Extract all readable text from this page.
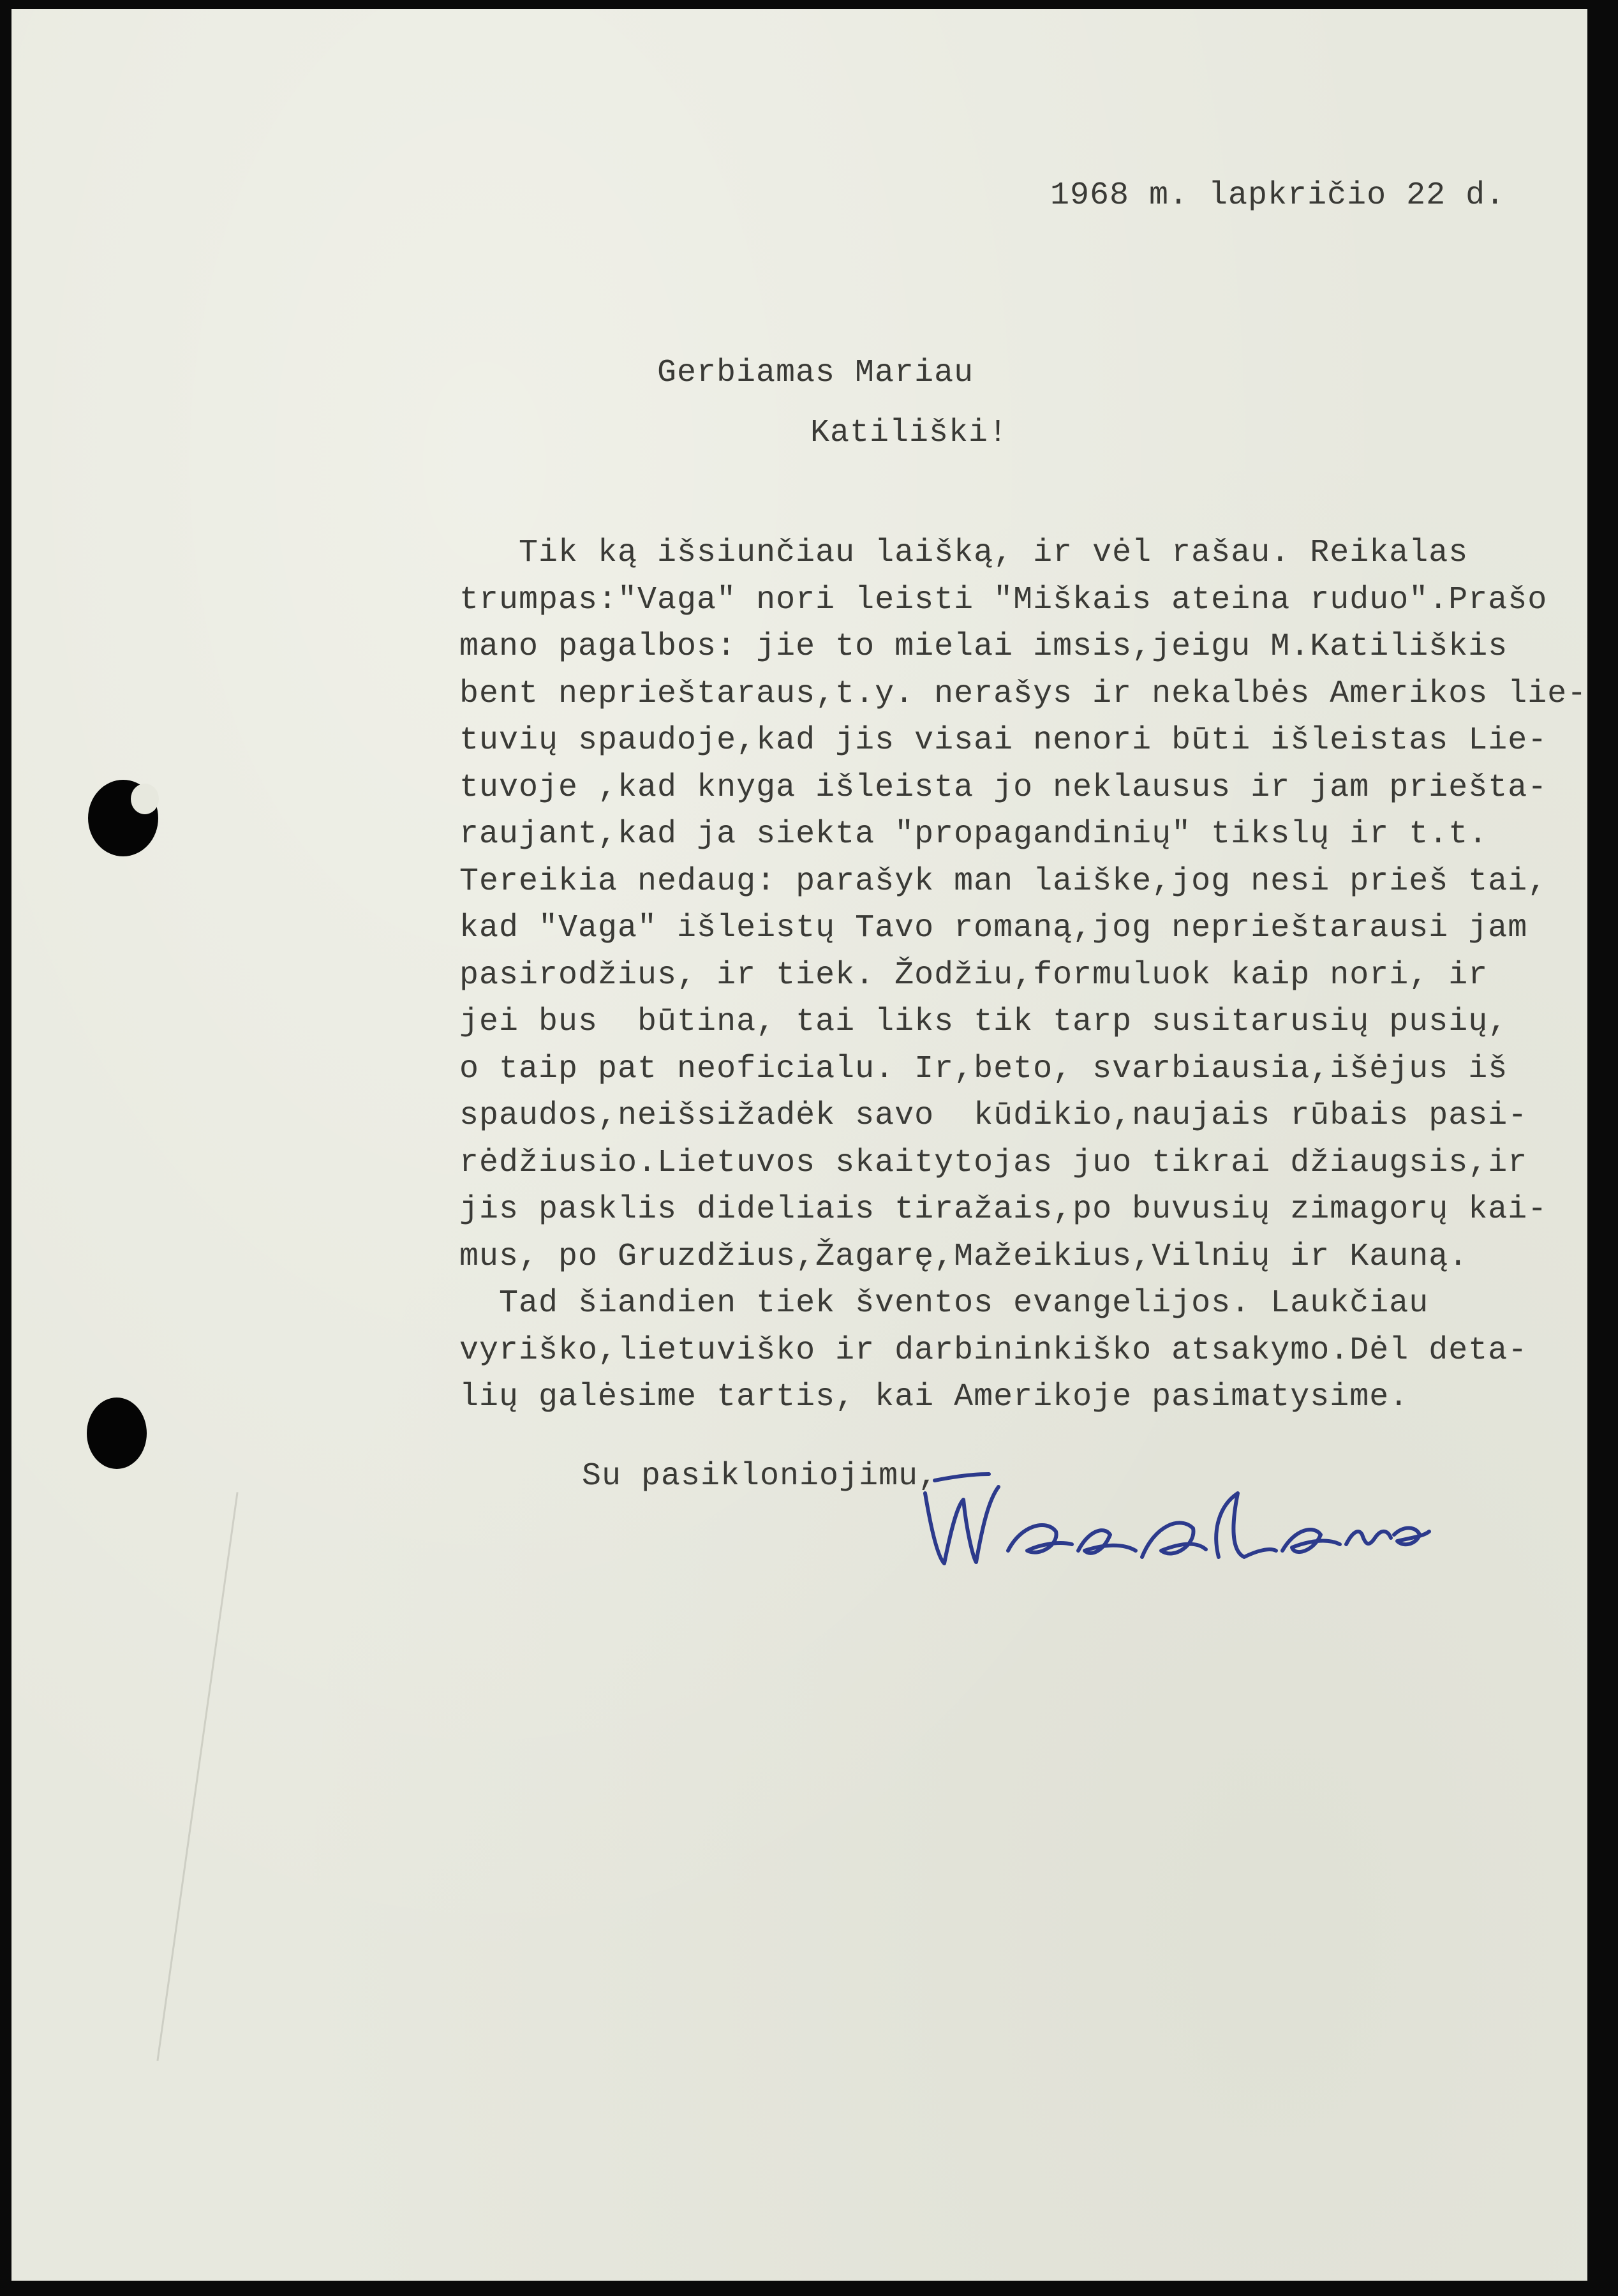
1968 m. lapkričio 22 d.
Gerbiamas Mariau
Katiliški!
Tik ką išsiunčiau laišką, ir vėl rašau. Reikalas
trumpas:"Vaga" nori leisti "Miškais ateina ruduo".Prašo
mano pagalbos: jie to mielai imsis,jeigu M.Katiliškis
bent neprieštaraus,t.y. nerašys ir nekalbės Amerikos lie-
tuvių spaudoje,kad jis visai nenori būti išleistas Lie-
tuvoje ,kad knyga išleista jo neklausus ir jam priešta-
raujant,kad ja siekta "propagandinių" tikslų ir t.t.
Tereikia nedaug: parašyk man laiške,jog nesi prieš tai,
kad "Vaga" išleistų Tavo romaną,jog neprieštarausi jam
pasirodžius, ir tiek. Žodžiu,formuluok kaip nori, ir
jei bus  būtina, tai liks tik tarp susitarusių pusių,
o taip pat neoficialu. Ir,beto, svarbiausia,išėjus iš
spaudos,neišsižadėk savo  kūdikio,naujais rūbais pasi-
rėdžiusio.Lietuvos skaitytojas juo tikrai džiaugsis,ir
jis pasklis dideliais tiražais,po buvusių zimagorų kai-
mus, po Gruzdžius,Žagarę,Mažeikius,Vilnių ir Kauną.
Tad šiandien tiek šventos evangelijos. Laukčiau
vyriško,lietuviško ir darbininkiško atsakymo.Dėl deta-
lių galėsime tartis, kai Amerikoje pasimatysime.
Su pasikloniojimu,
